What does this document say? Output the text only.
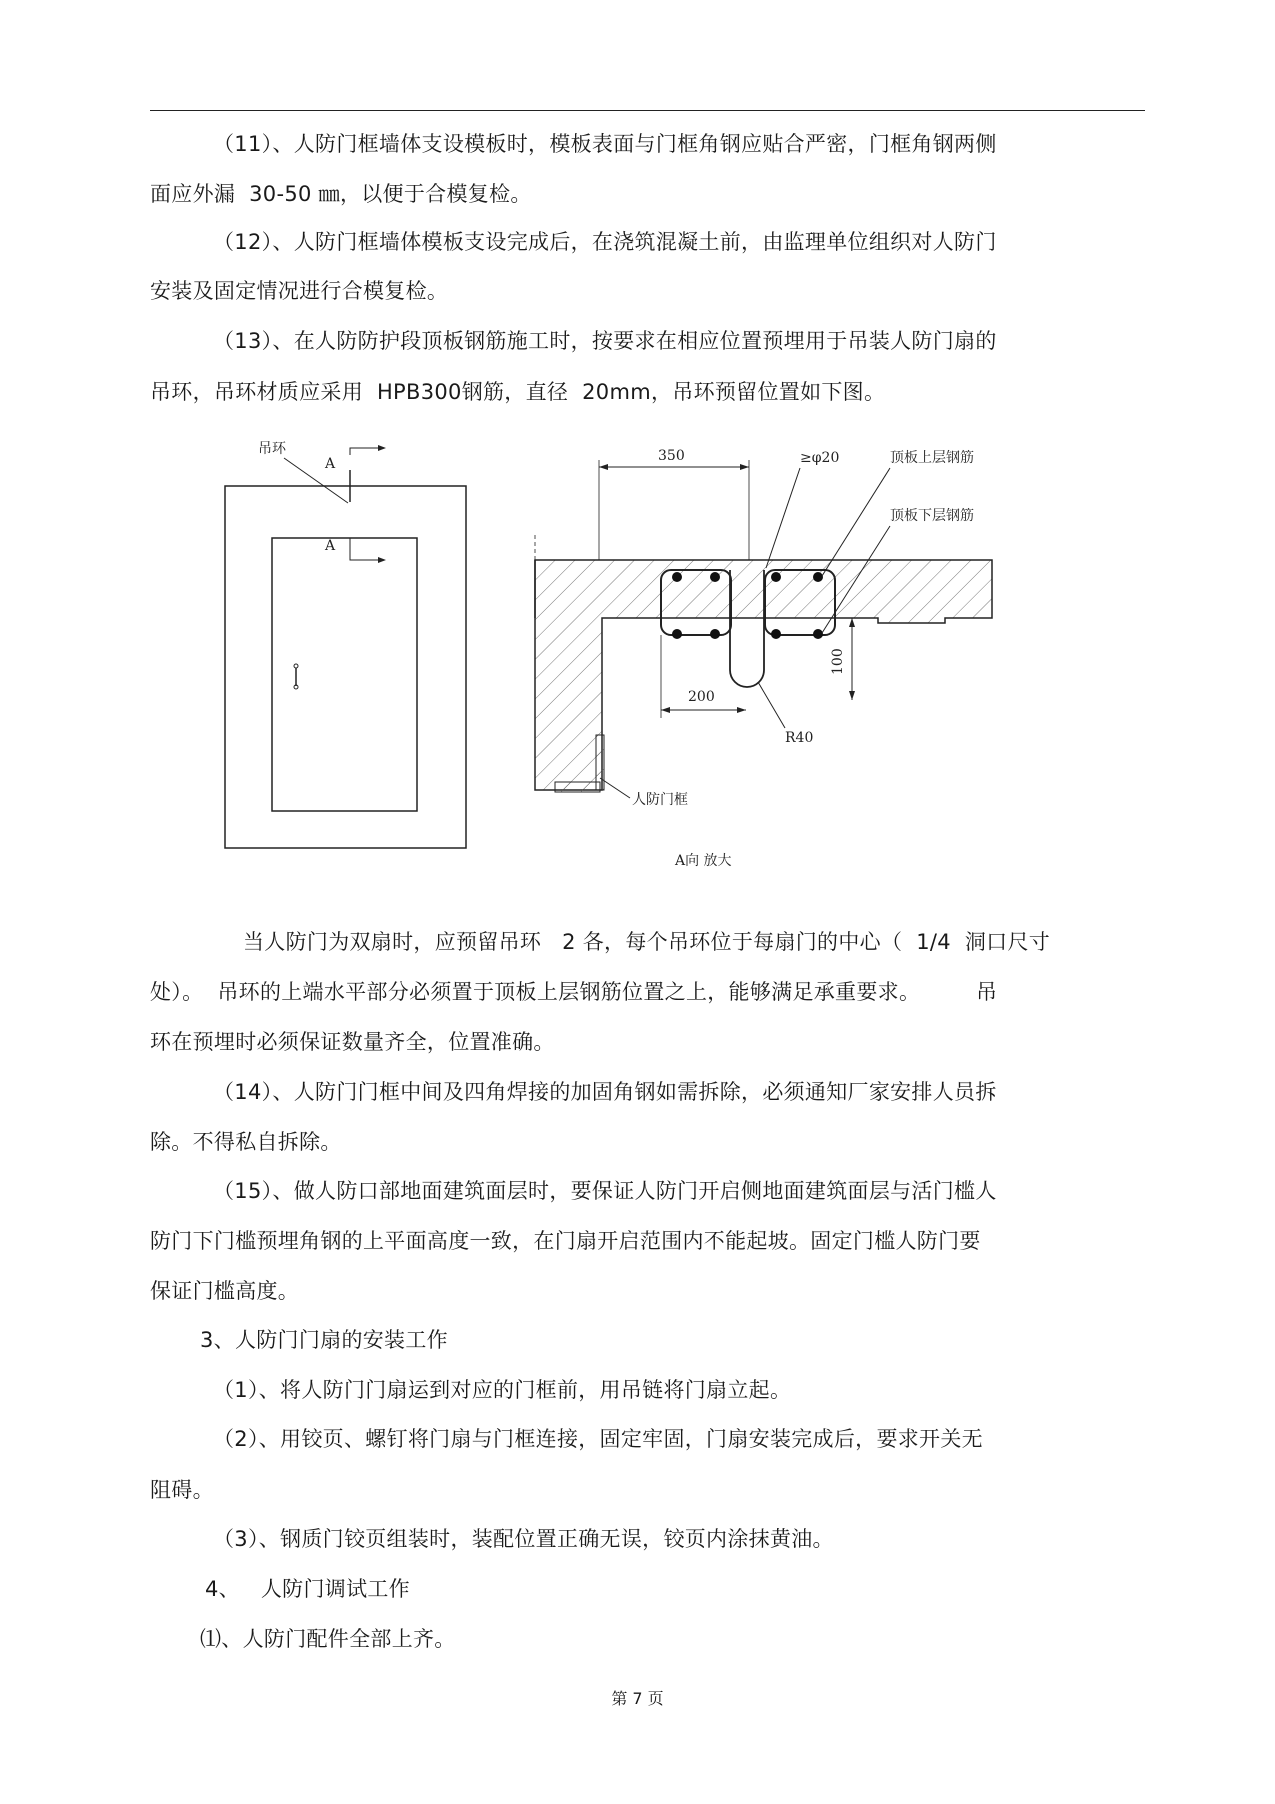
（11）、人防门框墙体支设模板时，模板表面与门框角钢应贴合严密，门框角钢两侧
面应外漏  30-50 ㎜，以便于合模复检。
（12）、人防门框墙体模板支设完成后，在浇筑混凝土前，由监理单位组织对人防门
安装及固定情况进行合模复检。
（13）、在人防防护段顶板钢筋施工时，按要求在相应位置预埋用于吊装人防门扇的
吊环，吊环材质应采用  HPB300钢筋，直径  20mm，吊环预留位置如下图。
吊环
A
A
350	≥φ20	顶板上层钢筋
顶板下层钢筋
100
200
R40
人防门框
A向 放大
当人防门为双扇时，应预留吊环   2 各，每个吊环位于每扇门的中心（  1/4  洞口尺寸
处）。  吊环的上端水平部分必须置于顶板上层钢筋位置之上，能够满足承重要求。        吊
环在预埋时必须保证数量齐全，位置准确。
（14）、人防门门框中间及四角焊接的加固角钢如需拆除，必须通知厂家安排人员拆
除。不得私自拆除。
（15）、做人防口部地面建筑面层时，要保证人防门开启侧地面建筑面层与活门槛人
防门下门槛预埋角钢的上平面高度一致，在门扇开启范围内不能起坡。固定门槛人防门要
保证门槛高度。
3、人防门门扇的安装工作
（1）、将人防门门扇运到对应的门框前，用吊链将门扇立起。
（2）、用铰页、螺钉将门扇与门框连接，固定牢固，门扇安装完成后，要求开关无
阻碍。
（3）、钢质门铰页组装时，装配位置正确无误，铰页内涂抹黄油。
4、   人防门调试工作
⑴、人防门配件全部上齐。
第 7 页
